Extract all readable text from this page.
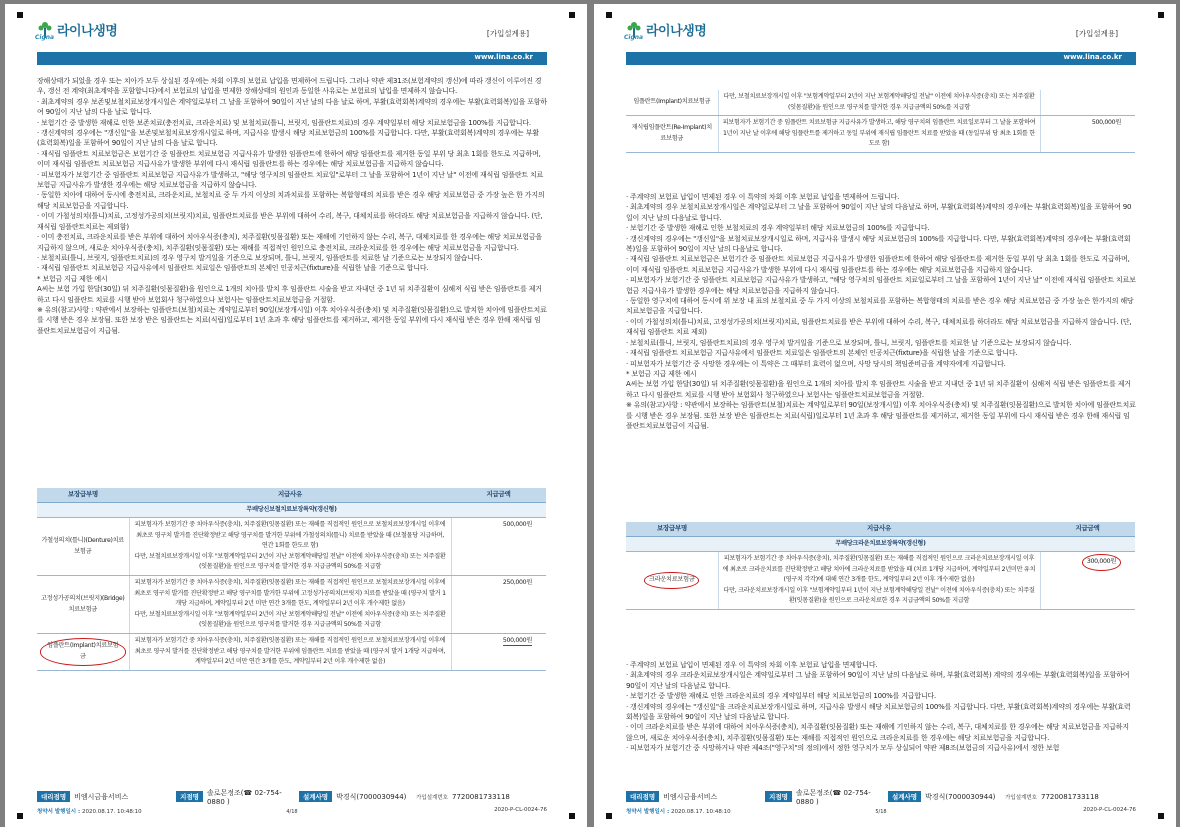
라이나생명
Cigna	[가입설계용]
www.lina.co.kr

장해상태가 되었을 경우 또는 치아가 모두 상실된 경우에는 차회 이후의 보험료 납입을 면제하여 드립니다. 그러나 약관 제31조(보험계약의 갱신)에 따라 갱신이 이루어진 경우, 갱신 전 계약(최초계약을 포함합니다)에서 보험료의 납입을 면제한 장해상태의 원인과 동일한 사유로는 보험료의 납입을 면제하지 않습니다.

· 최초계약의 경우 보존및보철치료보장개시일은 계약일로부터 그 날을 포함하여 90일이 지난 날의 다음 날로 하며, 부활(효력회복)계약의 경우에는 부활(효력회복)일을 포함하여 90일이 지난 날의 다음 날로 합니다.

· 보험기간 중 발생한 재해로 인한 보존치료(충전치료, 크라운치료) 및 보철치료(틀니, 브릿지, 임플란트치료)의 경우 계약일부터 해당 치료보험금을 100%를 지급합니다.

· 갱신계약의 경우에는 "갱신일"을 보존및보철치료보장개시일로 하며, 지급사유 발생시 해당 치료보험금의 100%를 지급합니다. 다만, 부활(효력회복)계약의 경우에는 부활(효력회복)일을 포함하여 90일이 지난 날의 다음 날로 합니다.

· 재식립 임플란트 치료보험금은 보험기간 중 임플란트 치료보험금 지급사유가 발생한 임플란트에 한하여 해당 임플란트를 제거한 동일 부위 당 최초 1회를 한도로 지급하며, 이미 재식립 임플란트 치료보험금 지급사유가 발생한 부위에 다시 재식립 임플란트를 하는 경우에는 해당 치료보험금을 지급하지 않습니다.

· 피보험자가 보험기간 중 임플란트 치료보험금 지급사유가 발생하고, "해당 영구치의 임플란트 치료일"로부터 그 날을 포함하여 1년이 지난 날" 이전에 재식립 임플란트 치료보험금 지급사유가 발생한 경우에는 해당 치료보험금을 지급하지 않습니다.

· 동일한 치아에 대하여 동시에 충전치료, 크라운치료, 보철치료 중 두 가지 이상의 치과치료를 포함하는 복합형태의 치료를 받은 경우 해당 치료보험금 중 가장 높은 한 가지의 해당 치료보험금을 지급합니다.

· 이미 가철성의치(틀니)치료, 고정성가공의치(브릿지)치료, 임플란트치료를 받은 부위에 대하여 수리, 복구, 대체치료를 하더라도 해당 치료보험금을 지급하지 않습니다. (단, 재식립 임플란트치료는 제외함)

· 이미 충전치료, 크라운치료를 받은 부위에 대하여 치아우식증(충치), 치주질환(잇몸질환) 또는 재해에 기인하지 않는 수리, 복구, 대체치료를 한 경우에는 해당 치료보험금을 지급하지 않으며, 새로운 치아우식증(충치), 치주질환(잇몸질환) 또는 재해를 직접적인 원인으로 충전치료, 크라운치료를 한 경우에는 해당 치료보험금을 지급합니다.

· 보철치료(틀니, 브릿지, 임플란트치료)의 경우 영구치 발거일을 기준으로 보장되며, 틀니, 브릿지, 임플란트를 치료한 날 기준으로는 보장되지 않습니다.

· 재식립 임플란트 치료보험금 지급사유에서 임플란트 치료일은 임플란트의 본체인 인공치근(fixture)을 식립한 날을 기준으로 합니다.

* 보험금 지급 제한 예시

A씨는 보험 가입 한달(30일) 뒤 치주질환(잇몸질환)을 원인으로 1개의 치아를 발치 후 임플란트 시술을 받고 자내던 중 1년 뒤 치주질환이 심해져 식립 받은 임플란트를 제거하고 다시 임플란트 치료를 시행 받아 보험회사 청구하였으나 보험사는 임플란트치료보험금을 거절함.

※ 유의(참고)사항 : 약관에서 보장하는 임플란트(보철)치료는 계약일로부터 90일(보장개시일) 이후 치아우식증(충치) 및 치주질환(잇몸질환)으로 발치한 치아에 임플란트치료를 시행 받은 경우 보장됨. 또한 보장 받은 임플란트는 치료(식립)일로부터 1년 초과 후 해당 임플란트를 제거하고, 제거한 동일 부위에 다시 재식립 받은 경우 한해 재식립 임플란트치료보험금이 지급됨.

보장급부명	지급사유	지급금액
무배당신보철치료보장특약(갱신형)		
가철성의치(틀니)(Denture)치료보험금	피보험자가 보험기간 중 치아우식증(충치), 치주질환(잇몸질환) 또는 재해를 직접적인 원인으로 보철치료보장개시일 이후에 최초로 영구치 발거를 진단확정받고 해당 영구치를 발거한 부위에 가철성의치(틀니) 치료를 받았을 때 (보철물당 지급하며, 연간 1회를 한도로 함)
다만, 보철치료보장개시일 이후 "보험계약일부터 2년이 지난 보험계약해당일 전날" 이전에 치아우식증(충치) 또는 치주질환(잇몸질환)을 원인으로 영구치를 발거한 경우 지급금액의 50%를 지급함	500,000원
고정성가공의치(브릿지)(Bridge)치료보험금	피보험자가 보험기간 중 치아우식증(충치), 치주질환(잇몸질환) 또는 재해를 직접적인 원인으로 보철치료보장개시일 이후에 최초로 영구치 발거를 진단확정받고 해당 영구치를 발거한 부위에 고정성가공의치(브릿지) 치료를 받았을 때 (영구치 발거 1개당 지급하며, 계약일부터 2년 미만 연간 3개를 한도, 계약일부터 2년 이후 개수제한 없음)
다만, 보철치료보장개시일 이후 "보험계약일부터 2년이 지난 보험계약해당일 전날" 이전에 치아우식증(충치) 또는 치주질환(잇몸질환)을 원인으로 영구치를 발거한 경우 지급금액의 50%를 지급함	250,000원
임플란트(Implant)치료보험금	피보험자가 보험기간 중 치아우식증(충치), 치주질환(잇몸질환) 또는 재해를 직접적인 원인으로 보철치료보장개시일 이후에 최초로 영구치 발거를 진단확정받고 해당 영구치를 발거한 부위에 임플란트 치료를 받았을 때 (영구치 발거 1개당 지급하며, 계약일부터 2년 미만 연간 3개를 한도, 계약일부터 2년 이후 개수제한 없음)	500,000원
대리점명	비엠시금융서비스	지점명
솔로몬정조(☎ 02-754-0880 )
설계사명	박경식(7000030944)	가입설계번호 7720081733118
청약서 발행일시 : 2020.08.17. 10:48:10	4/18	2020-P-CL-0024-76
라이나생명
Cigna	[가입설계용]
www.lina.co.kr
임플란트(Implant)치료보험금	다만, 보철치료보장개시일 이후 "보험계약일부터 2년이 지난 보험계약해당일 전날" 이전에 치아우식증(충치) 또는 치주질환(잇몸질환)을 원인으로 영구치를 발거한 경우 지급금액의 50%를 지급함	

재식립임플란트(Re-Implant)치료보험금	피보험자가 보험기간 중 임플란트 치료보험금 지급사유가 발생하고, 해당 영구치의 임플란트 치료일로부터 그 날을 포함하여 1년이 지난 날 이후에 해당 임플란트를 제거하고 동일 부위에 재식립 임플란트 치료를 받았을 때 (동일부위 당 최초 1회를 한도로 함)	500,000원

· 주계약의 보험료 납입이 면제된 경우 이 특약의 차회 이후 보험료 납입을 면제하여 드립니다.

· 최초계약의 경우 보철치료보장개시일은 계약일로부터 그 날을 포함하여 90일이 지난 날의 다음날로 하며, 부활(효력회복)계약의 경우에는 부활(효력회복)일을 포함하여 90일이 지난 날의 다음날로 합니다.

· 보험기간 중 발생한 재해로 인한 보철치료의 경우 계약일부터 해당 치료보험금의 100%를 지급합니다.

· 갱신계약의 경우에는 "갱신일"을 보철치료보장개시일로 하며, 지급사유 발생시 해당 치료보험금의 100%를 지급합니다. 다만, 부활(효력회복)계약의 경우에는 부활(효력회복)일을 포함하여 90일이 지난 날의 다음날로 합니다.

· 재식립 임플란트 치료보험금은 보험기간 중 임플란트 치료보험금 지급사유가 발생한 임플란트에 한하여 해당 임플란트를 제거한 동일 부위 당 최초 1회를 한도로 지급하며, 이미 재식립 임플란트 치료보험금 지급사유가 발생한 부위에 다시 재식립 임플란트를 하는 경우에는 해당 치료보험금을 지급하지 않습니다.

· 피보험자가 보험기간 중 임플란트 치료보험금 지급사유가 발생하고, "해당 영구치의 임플란트 치료일로부터 그 날을 포함하여 1년이 지난 날" 이전에 재식립 임플란트 치료보험금 지급사유가 발생한 경우에는 해당 치료보험금을 지급하지 않습니다.

· 동일한 영구치에 대하여 동시에 위 보장 내 표의 보철치료 중 두 가지 이상의 보철치료를 포함하는 복합형태의 치료를 받은 경우 해당 치료보험금 중 가장 높은 한가지의 해당 치료보험금을 지급합니다.

· 이미 가철성의치(틀니)치료, 고정성가공의치(브릿지)치료, 임플란트치료를 받은 부위에 대하여 수리, 복구, 대체치료를 하더라도 해당 치료보험금을 지급하지 않습니다. (단, 재식립 임플란트 치료 제외)

· 보철치료(틀니, 브릿지, 임플란트치료)의 경우 영구치 발거일을 기준으로 보장되며, 틀니, 브릿지, 임플란트를 치료한 날 기준으로는 보장되지 않습니다.

· 재식립 임플란트 치료보험금 지급사유에서 임플란트 치료일은 임플란트의 본체인 인공치근(fixture)을 식립한 날을 기준으로 합니다.

· 피보험자가 보험기간 중 사망한 경우에는 이 특약은 그 때부터 효력이 없으며, 사망 당시의 책임준비금을 계약자에게 지급합니다.

* 보험금 지급 제한 예시

A씨는 보험 가입 한달(30일) 뒤 치주질환(잇몸질환)을 원인으로 1개의 치아를 발치 후 임플란트 시술을 받고 지내던 중 1년 뒤 치주질환이 심해져 식립 받은 임플란트를 제거하고 다시 임플란트 치료를 시행 받아 보험회사 청구하였으나 보험사는 임플란트치료보험금을 거절함.

※ 유의(참고)사항 : 약관에서 보장하는 임플란트(보철)치료는 계약일로부터 90일(보장개시일) 이후 치아우식증(충치) 및 치주질환(잇몸질환)으로 발치한 치아에 임플란트치료를 시행 받은 경우 보장됨. 또한 보장 받은 임플란트는 치료(식립)일로부터 1년 초과 후 해당 임플란트를 제거하고, 제거한 동일 부위에 다시 재식립 받은 경우 한해 재식립 임플란트치료보험금이 지급됨.

보장급부명	지급사유	지급금액
무배당크라운치료보장특약(갱신형)		
크라운치료보험금	피보험자가 보험기간 중 치아우식증(충치), 치주질환(잇몸질환) 또는 재해를 직접적인 원인으로 크라운치료보장개시일 이후에 최초로 크라운치료를 진단확정받고 해당 치아에 크라운치료를 받았을 때 (치료 1개당 지급하며, 계약일부터 2년미만 유치(영구치 각각)에 대해 연간 3개를 한도, 계약일부터 2년 이후 개수제한 없음)
다만, 크라운치료보장개시일 이후 "보험계약일부터 1년이 지난 보험계약해당일 전날" 이전에 치아우식증(충치) 또는 치주질환(잇몸질환)을 원인으로 크라운치료한 경우 지급금액의 50%를 지급함	300,000원

· 주계약의 보험료 납입이 면제된 경우 이 특약의 차회 이후 보험료 납입을 면제합니다.

· 최초계약의 경우 크라운치료보장개시일은 계약일로부터 그 날을 포함하여 90일이 지난 날의 다음날로 하며, 부활(효력회복) 계약의 경우에는 부활(효력회복)일을 포함하여 90일이 지난 날의 다음날로 합니다.

· 보험기간 중 발생한 재해로 인한 크라운치료의 경우 계약일부터 해당 치료보험금의 100%를 지급합니다.

· 갱신계약의 경우에는 "갱신일"을 크라운치료보장개시일로 하며, 지급사유 발생시 해당 치료보험금의 100%를 지급합니다. 다만, 부활(효력회복)계약의 경우에는 부활(효력회복)일을 포함하여 90일이 지난 날의 다음날로 합니다.

· 이미 크라운치료를 받은 부위에 대하여 치아우식증(충치), 치주질환(잇몸질환) 또는 재해에 기인하지 않는 수리, 복구, 대체치료를 한 경우에는 해당 치료보험금을 지급하지 않으며, 새로운 치아우식증(충치), 치주질환(잇몸질환) 또는 재해를 직접적인 원인으로 크라운치료를 한 경우에는 해당 치료보험금을 지급합니다.

· 피보험자가 보험기간 중 사망하거나 약관 제4조("영구치"의 정의)에서 정한 영구치가 모두 상실되어 약관 제8조(보험금의 지급사유)에서 정한 보험

대리점명	비엠시금융서비스	지점명
솔로몬정조(☎ 02-754-0880 )
설계사명	박경식(7000030944)	가입설계번호 7720081733118
청약서 발행일시 : 2020.08.17. 10:48:10	5/18	2020-P-CL-0024-76
